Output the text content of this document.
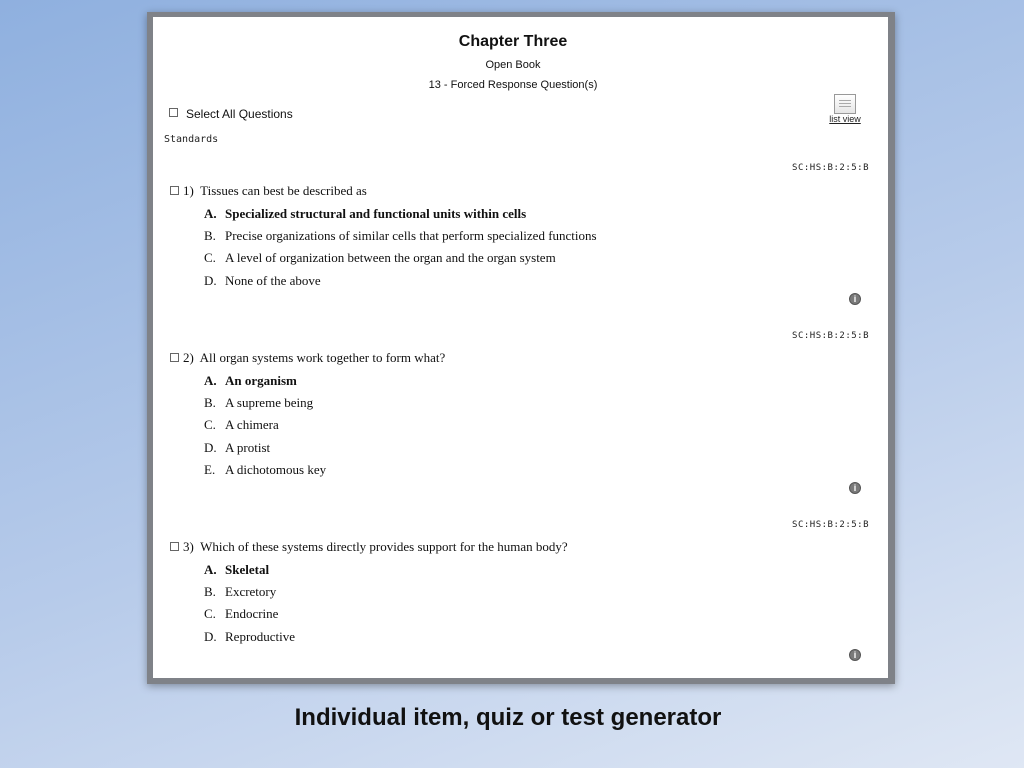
Chapter Three
Open Book
13 - Forced Response Question(s)
Select All Questions
Standards
list view
SC:HS:B:2:5:B
1) Tissues can best be described as
A. Specialized structural and functional units within cells
B. Precise organizations of similar cells that perform specialized functions
C. A level of organization between the organ and the organ system
D. None of the above
i
SC:HS:B:2:5:B
2) All organ systems work together to form what?
A. An organism
B. A supreme being
C. A chimera
D. A protist
E. A dichotomous key
i
SC:HS:B:2:5:B
3) Which of these systems directly provides support for the human body?
A. Skeletal
B. Excretory
C. Endocrine
D. Reproductive
i
Individual item, quiz or test generator
